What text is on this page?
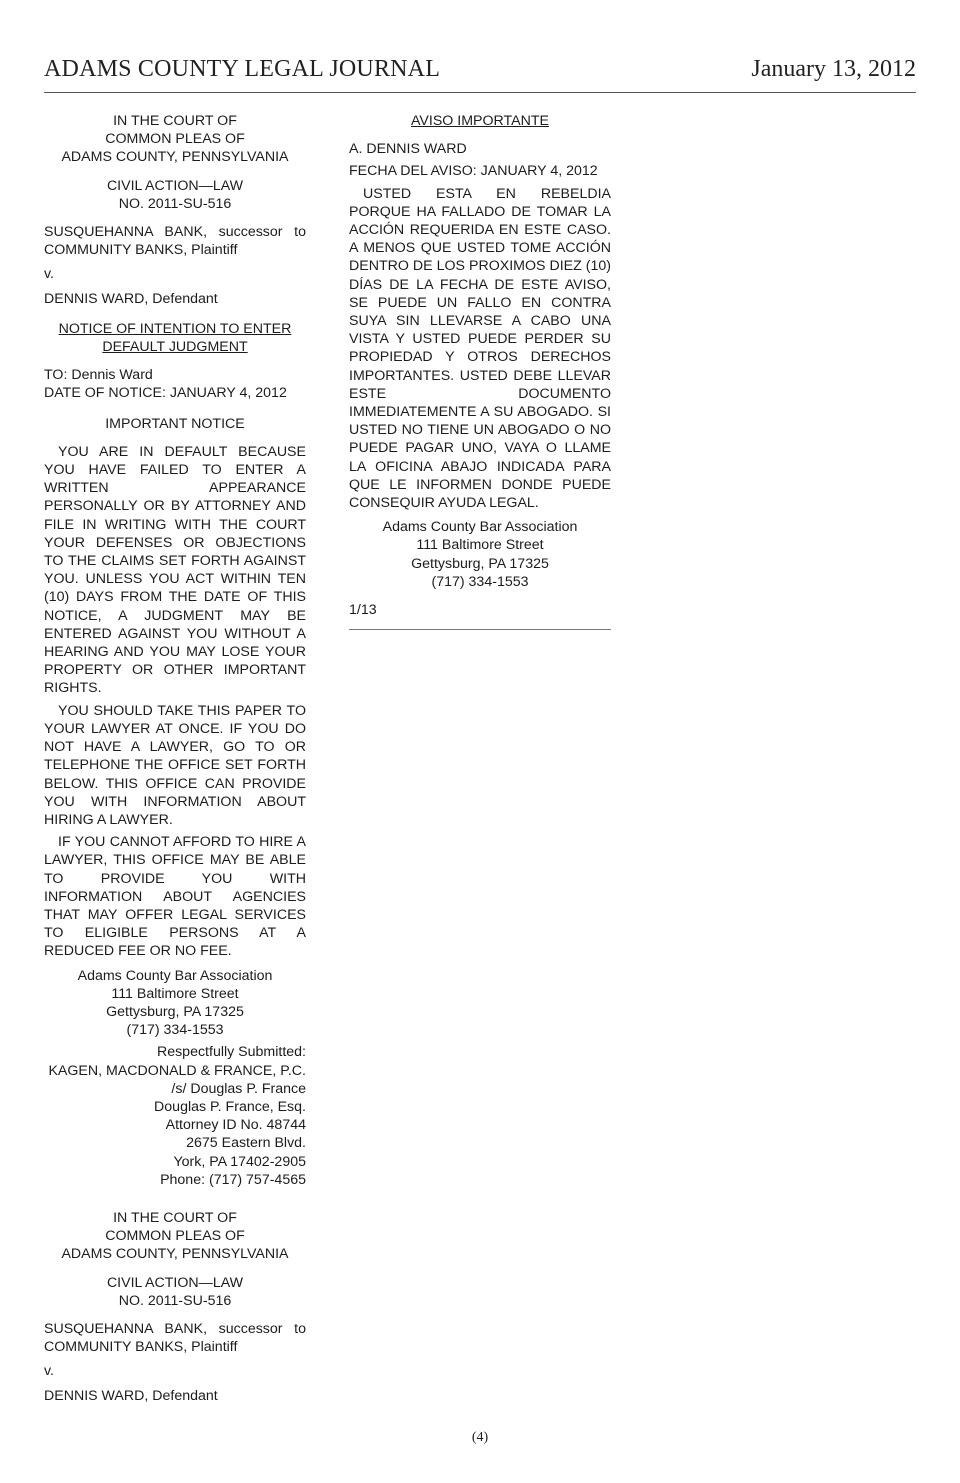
ADAMS COUNTY LEGAL JOURNAL	January 13, 2012

IN THE COURT OF

COMMON PLEAS OF

ADAMS COUNTY, PENNSYLVANIA

CIVIL ACTION—LAW

NO. 2011-SU-516

SUSQUEHANNA BANK, successor to COMMUNITY BANKS, Plaintiff

v.

DENNIS WARD, Defendant

NOTICE OF INTENTION TO ENTER

DEFAULT JUDGMENT

TO: Dennis Ward

DATE OF NOTICE: JANUARY 4, 2012

IMPORTANT NOTICE

YOU ARE IN DEFAULT BECAUSE YOU HAVE FAILED TO ENTER A WRITTEN APPEARANCE PERSONALLY OR BY ATTORNEY AND FILE IN WRITING WITH THE COURT YOUR DEFENSES OR OBJECTIONS TO THE CLAIMS SET FORTH AGAINST YOU. UNLESS YOU ACT WITHIN TEN (10) DAYS FROM THE DATE OF THIS NOTICE, A JUDGMENT MAY BE ENTERED AGAINST YOU WITHOUT A HEARING AND YOU MAY LOSE YOUR PROPERTY OR OTHER IMPORTANT RIGHTS.

YOU SHOULD TAKE THIS PAPER TO YOUR LAWYER AT ONCE. IF YOU DO NOT HAVE A LAWYER, GO TO OR TELEPHONE THE OFFICE SET FORTH BELOW. THIS OFFICE CAN PROVIDE YOU WITH INFORMATION ABOUT HIRING A LAWYER.

IF YOU CANNOT AFFORD TO HIRE A LAWYER, THIS OFFICE MAY BE ABLE TO PROVIDE YOU WITH INFORMATION ABOUT AGENCIES THAT MAY OFFER LEGAL SERVICES TO ELIGIBLE PERSONS AT A REDUCED FEE OR NO FEE.

Adams County Bar Association

111 Baltimore Street

Gettysburg, PA 17325

(717) 334-1553

Respectfully Submitted:

KAGEN, MACDONALD & FRANCE, P.C.

/s/ Douglas P. France

Douglas P. France, Esq.

Attorney ID No. 48744

2675 Eastern Blvd.

York, PA 17402-2905

Phone: (717) 757-4565

IN THE COURT OF

COMMON PLEAS OF

ADAMS COUNTY, PENNSYLVANIA

CIVIL ACTION—LAW

NO. 2011-SU-516

SUSQUEHANNA BANK, successor to COMMUNITY BANKS, Plaintiff

v.

DENNIS WARD, Defendant

AVISO IMPORTANTE

A. DENNIS WARD

FECHA DEL AVISO: JANUARY 4, 2012

USTED ESTA EN REBELDIA PORQUE HA FALLADO DE TOMAR LA ACCIÓN REQUERIDA EN ESTE CASO. A MENOS QUE USTED TOME ACCIÓN DENTRO DE LOS PROXIMOS DIEZ (10) DÍAS DE LA FECHA DE ESTE AVISO, SE PUEDE UN FALLO EN CONTRA SUYA SIN LLEVARSE A CABO UNA VISTA Y USTED PUEDE PERDER SU PROPIEDAD Y OTROS DERECHOS IMPORTANTES. USTED DEBE LLEVAR ESTE DOCUMENTO IMMEDIATEMENTE A SU ABOGADO. SI USTED NO TIENE UN ABOGADO O NO PUEDE PAGAR UNO, VAYA O LLAME LA OFICINA ABAJO INDICADA PARA QUE LE INFORMEN DONDE PUEDE CONSEQUIR AYUDA LEGAL.

Adams County Bar Association

111 Baltimore Street

Gettysburg, PA 17325

(717) 334-1553

1/13

(4)
